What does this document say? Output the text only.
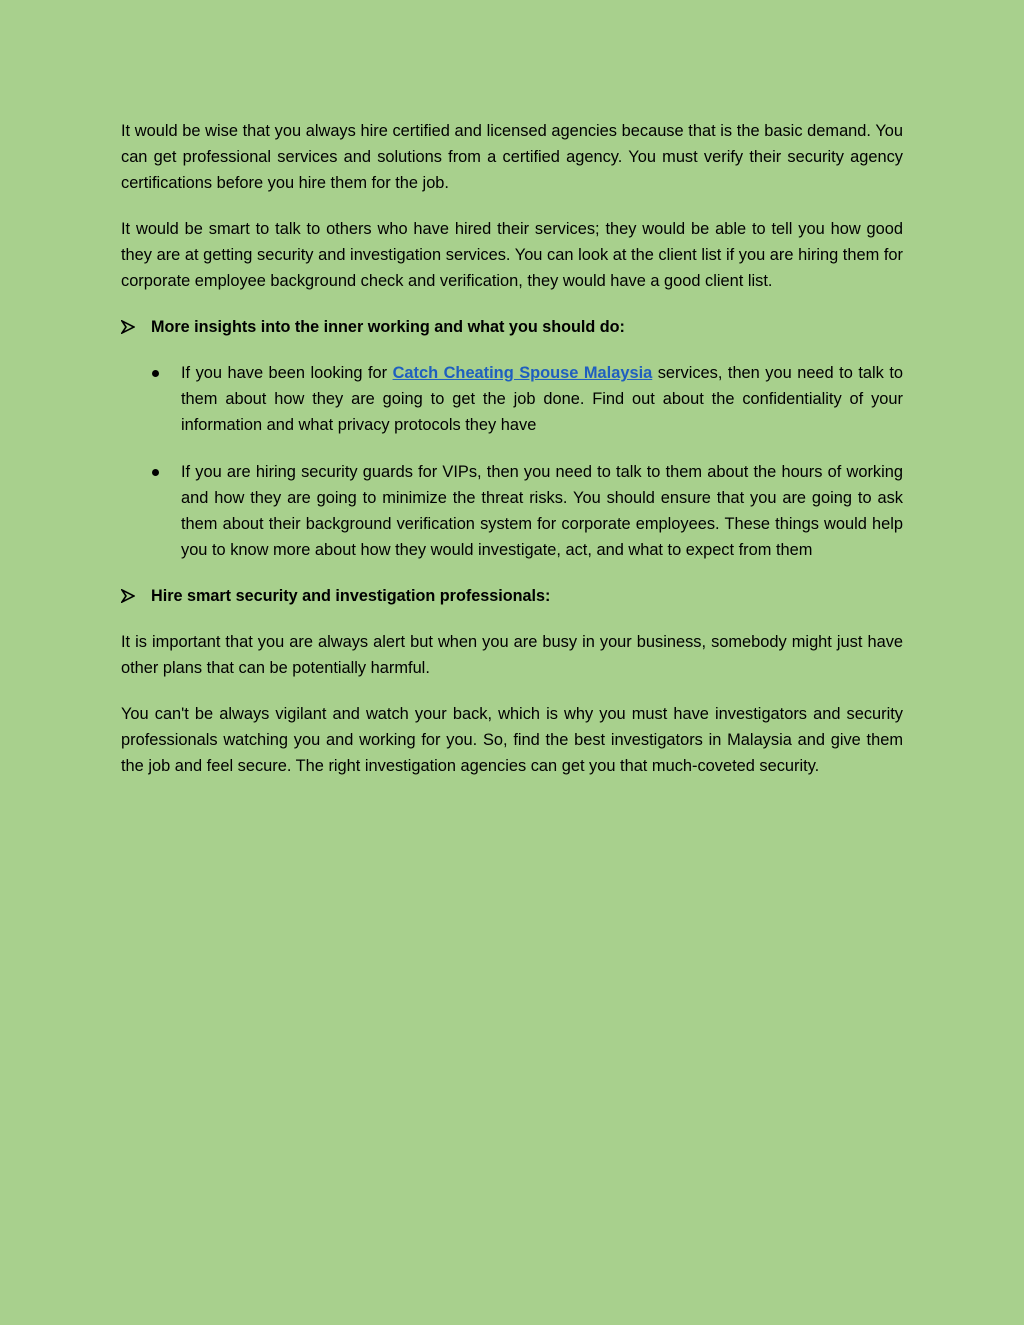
It would be wise that you always hire certified and licensed agencies because that is the basic demand. You can get professional services and solutions from a certified agency. You must verify their security agency certifications before you hire them for the job.

It would be smart to talk to others who have hired their services; they would be able to tell you how good they are at getting security and investigation services. You can look at the client list if you are hiring them for corporate employee background check and verification, they would have a good client list.

More insights into the inner working and what you should do:
If you have been looking for Catch Cheating Spouse Malaysia services, then you need to talk to them about how they are going to get the job done. Find out about the confidentiality of your information and what privacy protocols they have
If you are hiring security guards for VIPs, then you need to talk to them about the hours of working and how they are going to minimize the threat risks. You should ensure that you are going to ask them about their background verification system for corporate employees. These things would help you to know more about how they would investigate, act, and what to expect from them
Hire smart security and investigation professionals:

It is important that you are always alert but when you are busy in your business, somebody might just have other plans that can be potentially harmful.

You can't be always vigilant and watch your back, which is why you must have investigators and security professionals watching you and working for you. So, find the best investigators in Malaysia and give them the job and feel secure. The right investigation agencies can get you that much-coveted security.
